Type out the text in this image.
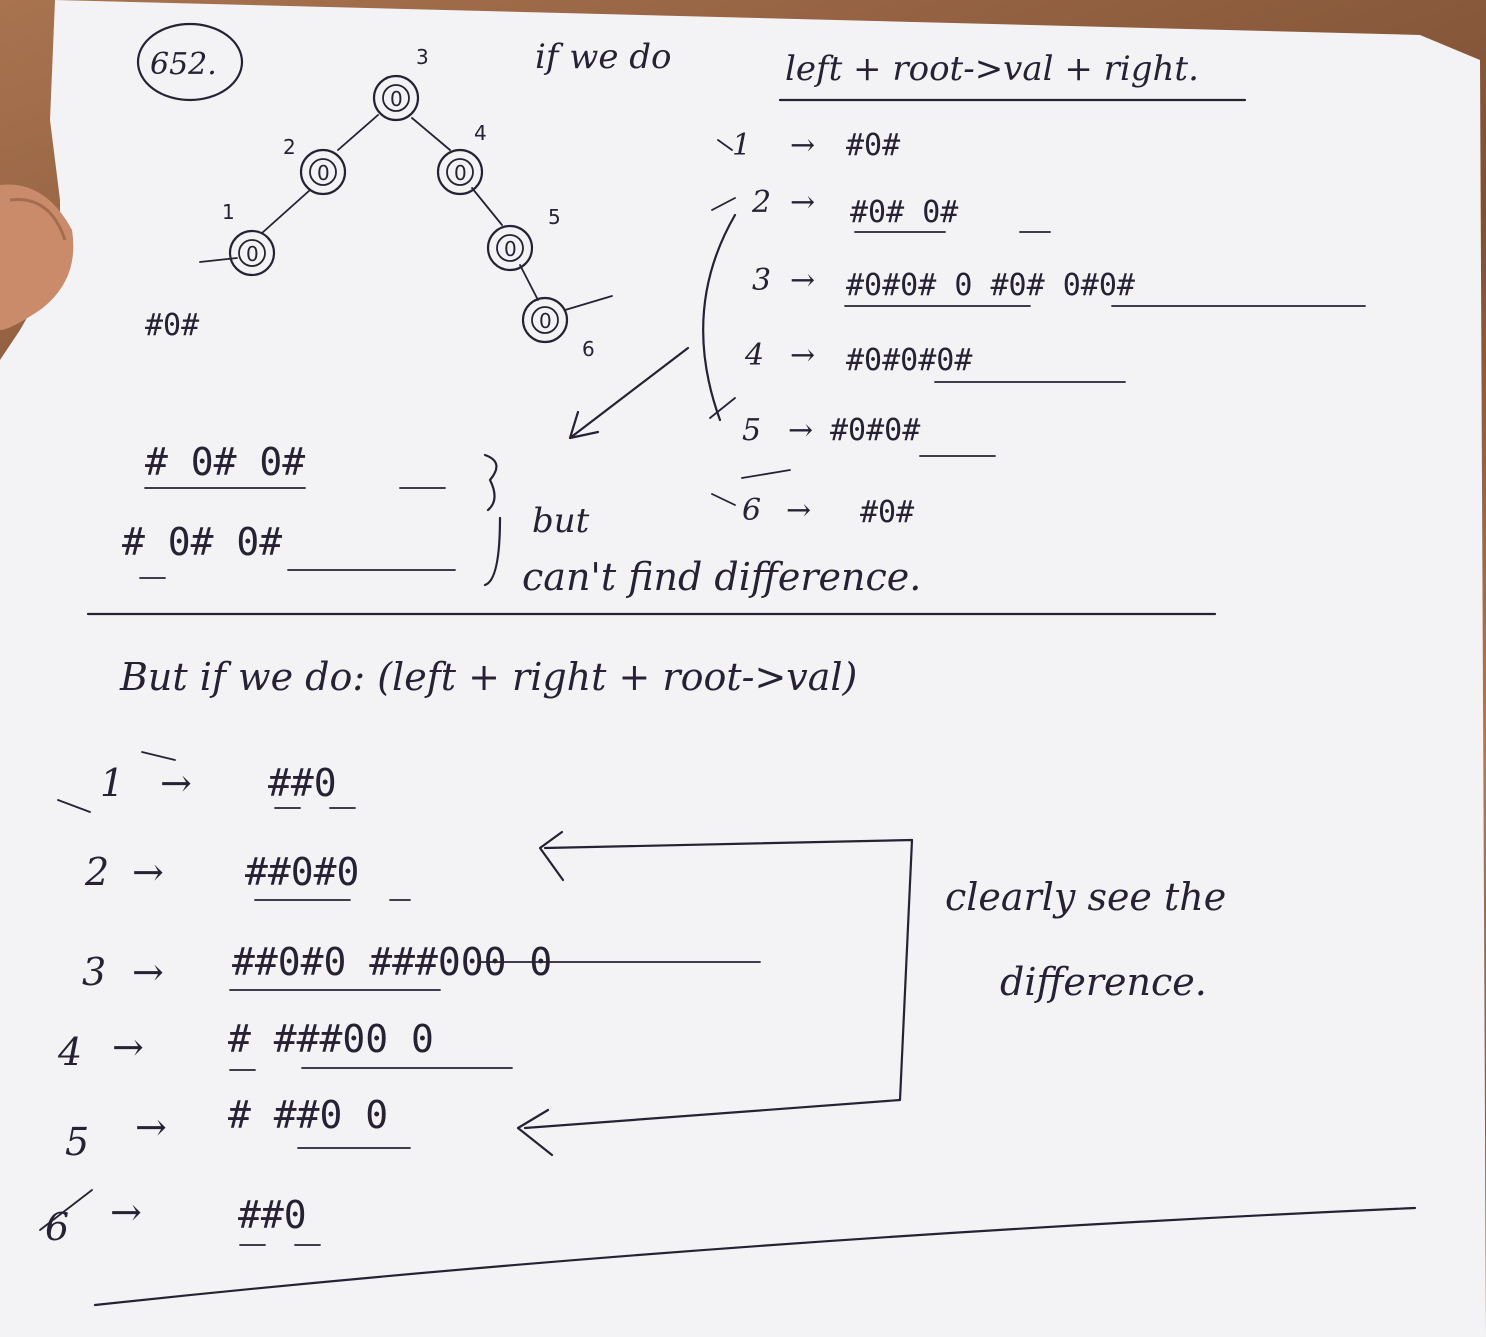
652.	if we do	left + root->val + right.
0
3
0
2
0
1
0
4
0
5
0
6
#0#
1 → #0#
2 → #0# 0#
3 → #0#0# 0 #0# 0#0#
4 → #0#0#0#
5 → #0#0#
6 → #0#
# 0# 0#
# 0# 0#	but
can't find difference.
But if we do: (left + right + root->val)
1 → ##0
2 → ##0#0
3 → ##0#0 ###000 0
4 → # ###00 0
5 → # ##0 0
6 →	##0
clearly see the
difference.
